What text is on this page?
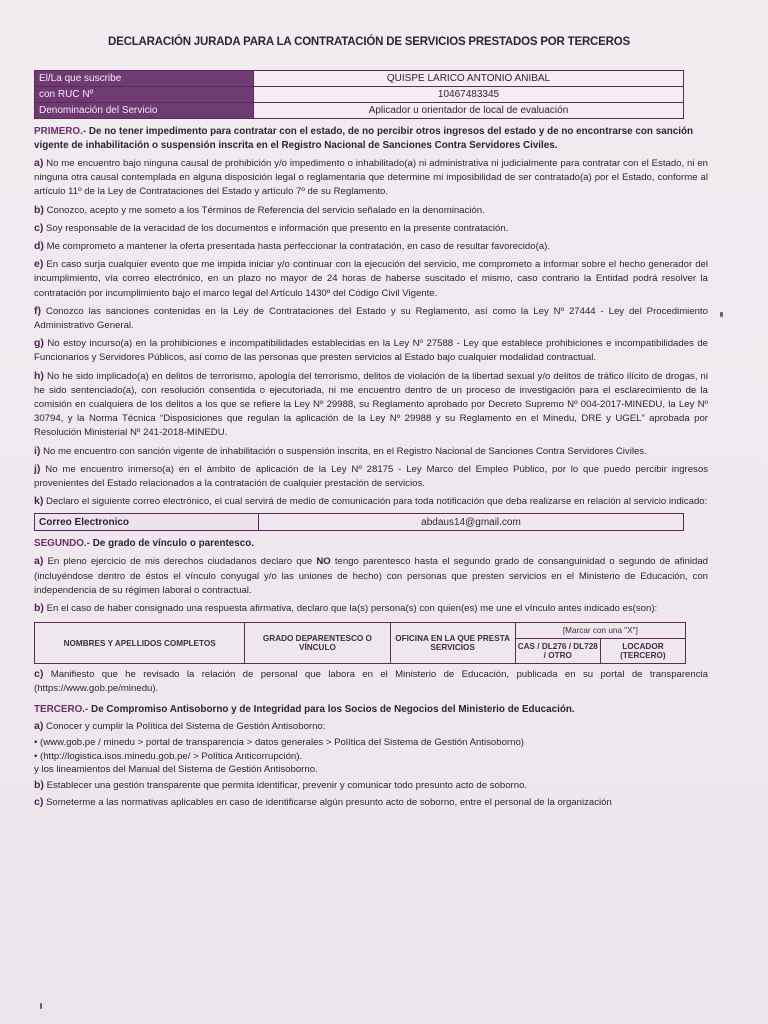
DECLARACIÓN JURADA PARA LA CONTRATACIÓN DE SERVICIOS PRESTADOS POR TERCEROS
El/La que suscribe	QUISPE LARICO ANTONIO ANIBAL
con RUC Nº	10467483345
Denominación del Servicio	Aplicador u orientador de local de evaluación
PRIMERO.- De no tener impedimento para contratar con el estado, de no percibir otros ingresos del estado y de no encontrarse con sanción vigente de inhabilitación o suspensión inscrita en el Registro Nacional de Sanciones Contra Servidores Civiles.

a) No me encuentro bajo ninguna causal de prohibición y/o impedimento o inhabilitado(a) ni administrativa ni judicialmente para contratar con el Estado, ni en ninguna otra causal contemplada en alguna disposición legal o reglamentaria que determine mi imposibilidad de ser contratado(a) por el Estado, conforme al artículo 11º de la Ley de Contrataciones del Estado y artículo 7º de su Reglamento.

b) Conozco, acepto y me someto a los Términos de Referencia del servicio señalado en la denominación.

c) Soy responsable de la veracidad de los documentos e información que presento en la presente contratación.

d) Me comprometo a mantener la oferta presentada hasta perfeccionar la contratación, en caso de resultar favorecido(a).

e) En caso surja cualquier evento que me impida iniciar y/o continuar con la ejecución del servicio, me comprometo a informar sobre el hecho generador del incumplimiento, vía correo electrónico, en un plazo no mayor de 24 horas de haberse suscitado el mismo, caso contrario la Entidad podrá resolver la contratación por incumplimiento bajo el marco legal del Artículo 1430º del Código Civil Vigente.

f) Conozco las sanciones contenidas en la Ley de Contrataciones del Estado y su Reglamento, así como la Ley Nº 27444 - Ley del Procedimiento Administrativo General.

g) No estoy incurso(a) en la prohibiciones e incompatibilidades establecidas en la Ley Nº 27588 - Ley que establece prohibiciones e incompatibilidades de Funcionarios y Servidores Públicos, así como de las personas que presten servicios al Estado bajo cualquier modalidad contractual.

h) No he sido implicado(a) en delitos de terrorismo, apología del terrorismo, delitos de violación de la libertad sexual y/o delitos de tráfico ilícito de drogas, ni he sido sentenciado(a), con resolución consentida o ejecutoriada, ni me encuentro dentro de un proceso de investigación para el esclarecimiento de la comisión en cualquiera de los delitos a los que se refiere la Ley Nº 29988, su Reglamento aprobado por Decreto Supremo Nº 004-2017-MINEDU, la Ley Nº 30794, y la Norma Técnica “Disposiciones que regulan la aplicación de la Ley Nº 29988 y su Reglamento en el Minedu, DRE y UGEL” aprobada por Resolución Ministerial Nº 241-2018-MINEDU.

i) No me encuentro con sanción vigente de inhabilitación o suspensión inscrita, en el Registro Nacional de Sanciones Contra Servidores Civiles.

j) No me encuentro inmerso(a) en el ámbito de aplicación de la Ley Nº 28175 - Ley Marco del Empleo Público, por lo que puedo percibir ingresos provenientes del Estado relacionados a la contratación de cualquier prestación de servicios.

k) Declaro el siguiente correo electrónico, el cual servirá de medio de comunicación para toda notificación que deba realizarse en relación al servicio indicado:

Correo Electronico	abdaus14@gmail.com
SEGUNDO.- De grado de vínculo o parentesco.

a) En pleno ejercicio de mis derechos ciudadanos declaro que NO tengo parentesco hasta el segundo grado de consanguinidad o segundo de afinidad (incluyéndose dentro de éstos el vínculo conyugal y/o las uniones de hecho) con personas que presten servicios en el Ministerio de Educación, con independencia de su régimen laboral o contractual.

b) En el caso de haber consignado una respuesta afirmativa, declaro que la(s) persona(s) con quien(es) me une el vínculo antes indicado es(son):

NOMBRES Y APELLIDOS COMPLETOS	GRADO DEPARENTESCO O VÍNCULO	OFICINA EN LA QUE PRESTA SERVICIOS	[Marcar con una "X"]	
			CAS / DL276 / DL728 / OTRO	LOCADOR (TERCERO)

c) Manifiesto que he revisado la relación de personal que labora en el Ministerio de Educación, publicada en su portal de transparencia (https://www.gob.pe/minedu).

TERCERO.- De Compromiso Antisoborno y de Integridad para los Socios de Negocios del Ministerio de Educación.

a) Conocer y cumplir la Política del Sistema de Gestión Antisoborno:

• (www.gob.pe / minedu > portal de transparencia > datos generales > Política del Sistema de Gestión Antisoborno)
• (http://logistica.isos.minedu.gob.pe/ > Política Anticorrupción).
y los lineamientos del Manual del Sistema de Gestión Antisoborno.

b) Establecer una gestión transparente que permita identificar, prevenir y comunicar todo presunto acto de soborno.

c) Someterme a las normativas aplicables en caso de identificarse algún presunto acto de soborno, entre el personal de la organización
